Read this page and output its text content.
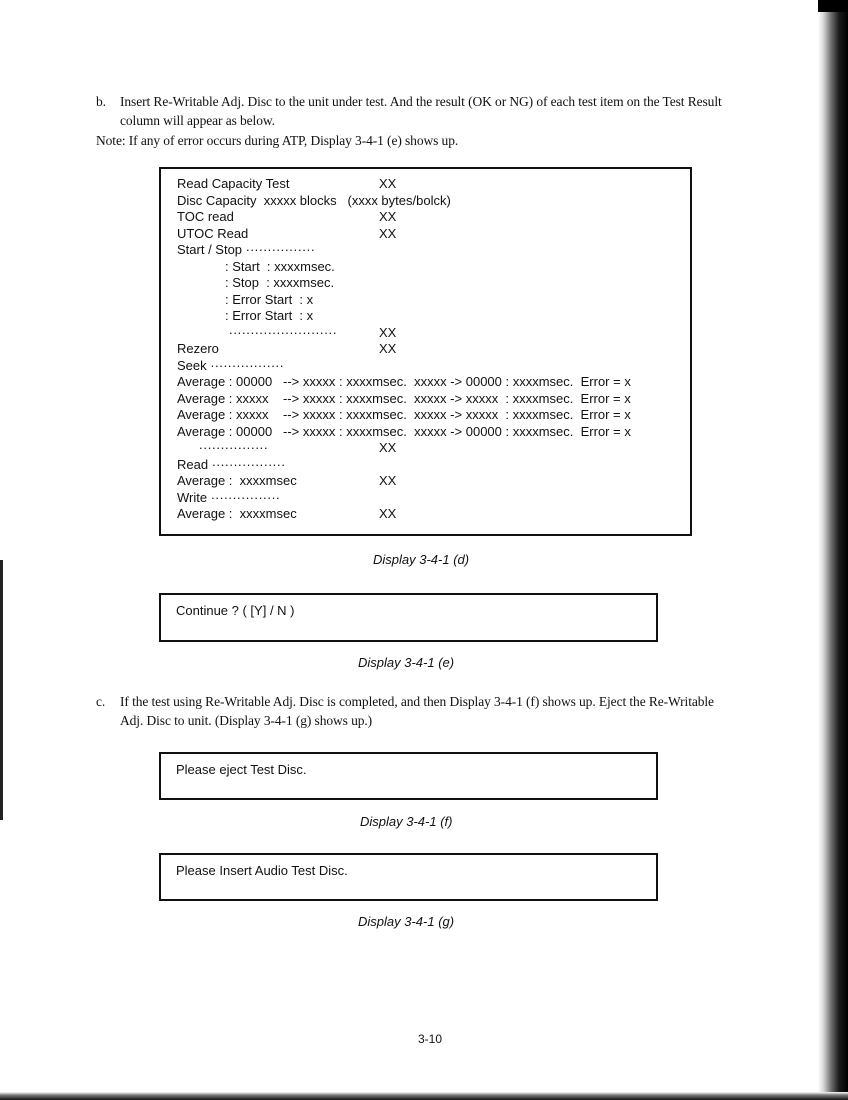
b. Insert Re-Writable Adj. Disc to the unit under test. And the result (OK or NG) of each test item on the Test Result
column will appear as below.
Note: If any of error occurs during ATP, Display 3-4-1 (e) shows up.
Read Capacity Test	XX
Disc Capacity  xxxxx blocks   (xxxx bytes/bolck)
TOC read	XX
UTOC Read	XX
Start / Stop ················
: Start  : xxxxmsec.
: Stop  : xxxxmsec.
: Error Start  : x
: Error Start  : x
·························	XX
Rezero	XX
Seek ·················
Average : 00000   --> xxxxx : xxxxmsec.  xxxxx -> 00000 : xxxxmsec.  Error = x
Average : xxxxx    --> xxxxx : xxxxmsec.  xxxxx -> xxxxx  : xxxxmsec.  Error = x
Average : xxxxx    --> xxxxx : xxxxmsec.  xxxxx -> xxxxx  : xxxxmsec.  Error = x
Average : 00000   --> xxxxx : xxxxmsec.  xxxxx -> 00000 : xxxxmsec.  Error = x
················	XX
Read ·················
Average :  xxxxmsec	XX
Write ················
Average :  xxxxmsec	XX
Display 3-4-1 (d)
Continue ? ( [Y] / N )
Display 3-4-1 (e)
c. If the test using Re-Writable Adj. Disc is completed, and then Display 3-4-1 (f) shows up. Eject the Re-Writable
Adj. Disc to unit. (Display 3-4-1 (g) shows up.)
Please eject Test Disc.
Display 3-4-1 (f)
Please Insert Audio Test Disc.
Display 3-4-1 (g)
3-10
